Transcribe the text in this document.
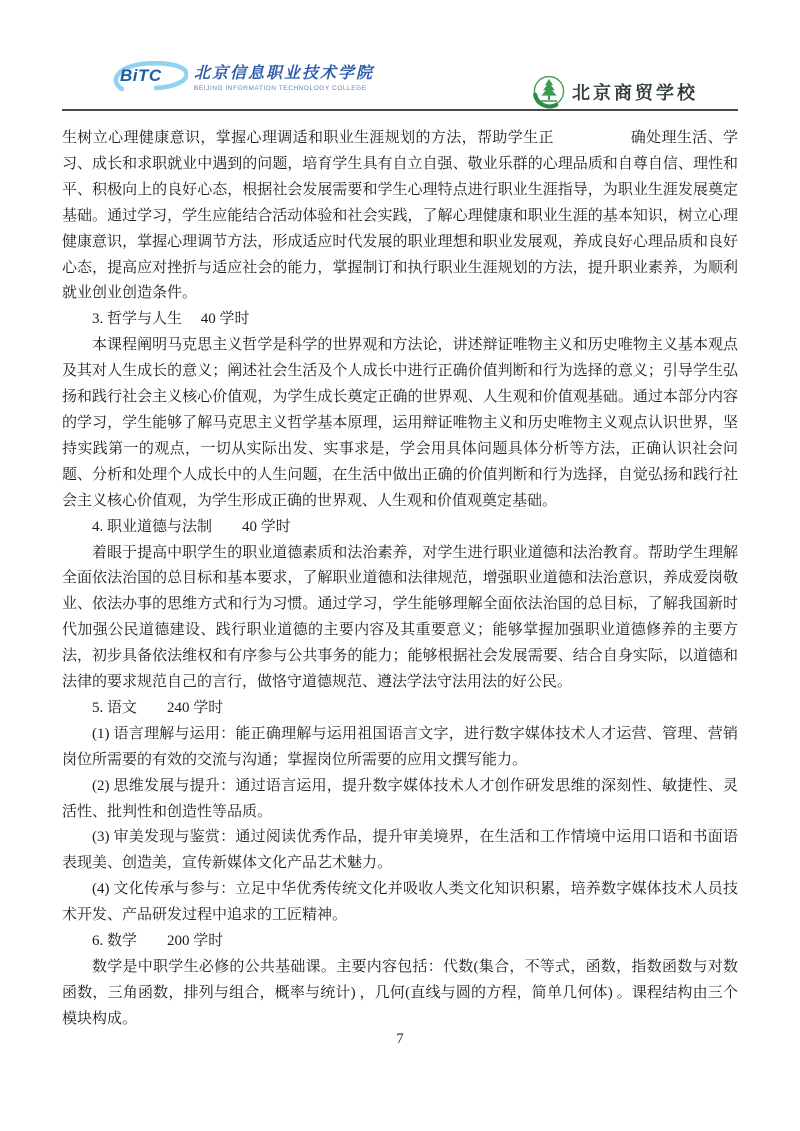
BiTC 北京信息职业技术学院
BEIJING INFORMATION TECHNOLOGY COLLEGE	北京商贸学校

生树立心理健康意识，掌握心理调适和职业生涯规划的方法，帮助学生正　　　　　确处理生活、学习、成长和求职就业中遇到的问题，培育学生具有自立自强、敬业乐群的心理品质和自尊自信、理性和平、积极向上的良好心态，根据社会发展需要和学生心理特点进行职业生涯指导，为职业生涯发展奠定基础。通过学习，学生应能结合活动体验和社会实践，了解心理健康和职业生涯的基本知识，树立心理健康意识，掌握心理调节方法，形成适应时代发展的职业理想和职业发展观，养成良好心理品质和良好心态，提高应对挫折与适应社会的能力，掌握制订和执行职业生涯规划的方法，提升职业素养，为顺利就业创业创造条件。

3. 哲学与人生　 40 学时

本课程阐明马克思主义哲学是科学的世界观和方法论，讲述辩证唯物主义和历史唯物主义基本观点及其对人生成长的意义；阐述社会生活及个人成长中进行正确价值判断和行为选择的意义；引导学生弘扬和践行社会主义核心价值观，为学生成长奠定正确的世界观、人生观和价值观基础。通过本部分内容的学习，学生能够了解马克思主义哲学基本原理，运用辩证唯物主义和历史唯物主义观点认识世界，坚持实践第一的观点，一切从实际出发、实事求是，学会用具体问题具体分析等方法，正确认识社会问题、分析和处理个人成长中的人生问题，在生活中做出正确的价值判断和行为选择，自觉弘扬和践行社会主义核心价值观，为学生形成正确的世界观、人生观和价值观奠定基础。

4. 职业道德与法制　　40 学时

着眼于提高中职学生的职业道德素质和法治素养，对学生进行职业道德和法治教育。帮助学生理解全面依法治国的总目标和基本要求，了解职业道德和法律规范，增强职业道德和法治意识，养成爱岗敬业、依法办事的思维方式和行为习惯。通过学习，学生能够理解全面依法治国的总目标，了解我国新时代加强公民道德建设、践行职业道德的主要内容及其重要意义；能够掌握加强职业道德修养的主要方法，初步具备依法维权和有序参与公共事务的能力；能够根据社会发展需要、结合自身实际，以道德和法律的要求规范自己的言行，做恪守道德规范、遵法学法守法用法的好公民。

5. 语文　　240 学时

(1) 语言理解与运用：能正确理解与运用祖国语言文字，进行数字媒体技术人才运营、管理、营销岗位所需要的有效的交流与沟通；掌握岗位所需要的应用文撰写能力。

(2) 思维发展与提升：通过语言运用，提升数字媒体技术人才创作研发思维的深刻性、敏捷性、灵活性、批判性和创造性等品质。

(3) 审美发现与鉴赏：通过阅读优秀作品，提升审美境界，在生活和工作情境中运用口语和书面语表现美、创造美，宣传新媒体文化产品艺术魅力。

(4) 文化传承与参与：立足中华优秀传统文化并吸收人类文化知识积累，培养数字媒体技术人员技术开发、产品研发过程中追求的工匠精神。

6. 数学　　200 学时

数学是中职学生必修的公共基础课。主要内容包括：代数(集合，不等式，函数，指数函数与对数函数，三角函数，排列与组合，概率与统计) ，几何(直线与圆的方程，简单几何体) 。课程结构由三个模块构成。

7
